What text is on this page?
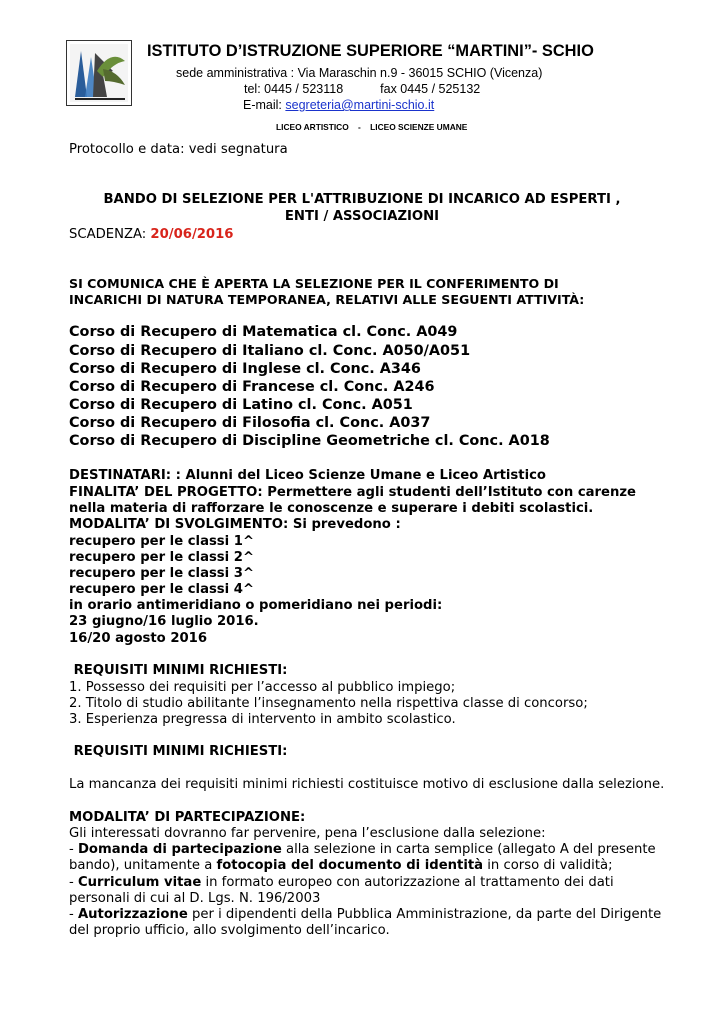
ISTITUTO D’ISTRUZIONE SUPERIORE “MARTINI”- SCHIO
sede amministrativa : Via Maraschin n.9 - 36015 SCHIO (Vicenza)
tel: 0445 / 523118	fax 0445 / 525132
E-mail: segreteria@martini-schio.it
LICEO ARTISTICO    -    LICEO SCIENZE UMANE
Protocollo e data: vedi segnatura
BANDO DI SELEZIONE PER L'ATTRIBUZIONE DI INCARICO AD ESPERTI ,
ENTI / ASSOCIAZIONI
SCADENZA: 20/06/2016
SI COMUNICA CHE È APERTA LA SELEZIONE PER IL CONFERIMENTO DI
INCARICHI DI NATURA TEMPORANEA, RELATIVI ALLE SEGUENTI ATTIVITÀ:
Corso di Recupero di Matematica cl. Conc. A049
Corso di Recupero di Italiano cl. Conc. A050/A051
Corso di Recupero di Inglese cl. Conc. A346
Corso di Recupero di Francese cl. Conc. A246
Corso di Recupero di Latino cl. Conc. A051
Corso di Recupero di Filosofia cl. Conc. A037
Corso di Recupero di Discipline Geometriche cl. Conc. A018
DESTINATARI: : Alunni del Liceo Scienze Umane e Liceo Artistico
FINALITA’ DEL PROGETTO: Permettere agli studenti dell’Istituto con carenze
nella materia di rafforzare le conoscenze e superare i debiti scolastici.
MODALITA’ DI SVOLGIMENTO: Si prevedono :
recupero per le classi 1^
recupero per le classi 2^
recupero per le classi 3^
recupero per le classi 4^
in orario antimeridiano o pomeridiano nei periodi:
23 giugno/16 luglio 2016.
16/20 agosto 2016
REQUISITI MINIMI RICHIESTI:
1. Possesso dei requisiti per l’accesso al pubblico impiego;
2. Titolo di studio abilitante l’insegnamento nella rispettiva classe di concorso;
3. Esperienza pregressa di intervento in ambito scolastico.
REQUISITI MINIMI RICHIESTI:
La mancanza dei requisiti minimi richiesti costituisce motivo di esclusione dalla selezione.
MODALITA’ DI PARTECIPAZIONE:
Gli interessati dovranno far pervenire, pena l’esclusione dalla selezione:
- Domanda di partecipazione alla selezione in carta semplice (allegato A del presente
bando), unitamente a fotocopia del documento di identità in corso di validità;
- Curriculum vitae in formato europeo con autorizzazione al trattamento dei dati
personali di cui al D. Lgs. N. 196/2003
- Autorizzazione per i dipendenti della Pubblica Amministrazione, da parte del Dirigente
del proprio ufficio, allo svolgimento dell’incarico.
